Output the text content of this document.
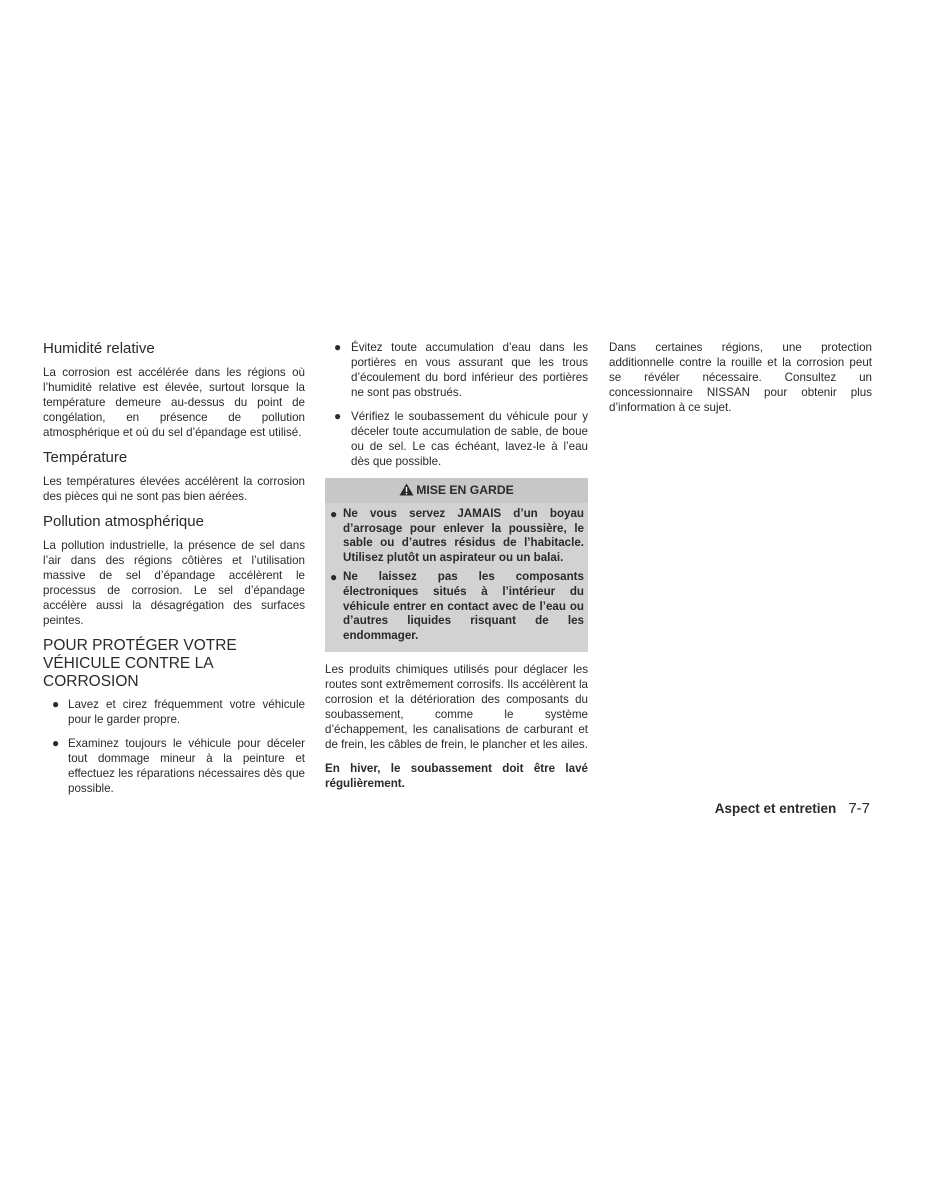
Humidité relative

La corrosion est accélérée dans les régions où l’humidité relative est élevée, surtout lorsque la température demeure au-dessus du point de congélation, en présence de pollution atmosphérique et où du sel d’épandage est utilisé.

Température

Les températures élevées accélèrent la corrosion des pièces qui ne sont pas bien aérées.

Pollution atmosphérique

La pollution industrielle, la présence de sel dans l’air dans des régions côtières et l’utilisation massive de sel d’épandage accélèrent le processus de corrosion. Le sel d’épandage accélère aussi la désagrégation des surfaces peintes.

POUR PROTÉGER VOTRE VÉHICULE CONTRE LA CORROSION
● Lavez et cirez fréquemment votre véhicule pour le garder propre.
● Examinez toujours le véhicule pour déceler tout dommage mineur à la peinture et effectuez les réparations nécessaires dès que possible.
● Évitez toute accumulation d’eau dans les portières en vous assurant que les trous d’écoulement du bord inférieur des portières ne sont pas obstrués.
● Vérifiez le soubassement du véhicule pour y déceler toute accumulation de sable, de boue ou de sel. Le cas échéant, lavez-le à l’eau dès que possible.
MISE EN GARDE
● Ne vous servez JAMAIS d’un boyau d’arrosage pour enlever la poussière, le sable ou d’autres résidus de l’habitacle. Utilisez plutôt un aspirateur ou un balai.
● Ne laissez pas les composants électroniques situés à l’intérieur du véhicule entrer en contact avec de l’eau ou d’autres liquides risquant de les endommager.

Les produits chimiques utilisés pour déglacer les routes sont extrêmement corrosifs. Ils accélèrent la corrosion et la détérioration des composants du soubassement, comme le système d’échappement, les canalisations de carburant et de frein, les câbles de frein, le plancher et les ailes.

En hiver, le soubassement doit être lavé régulièrement.

Dans certaines régions, une protection additionnelle contre la rouille et la corrosion peut se révéler nécessaire. Consultez un concessionnaire NISSAN pour obtenir plus d’information à ce sujet.

Aspect et entretien 7-7
